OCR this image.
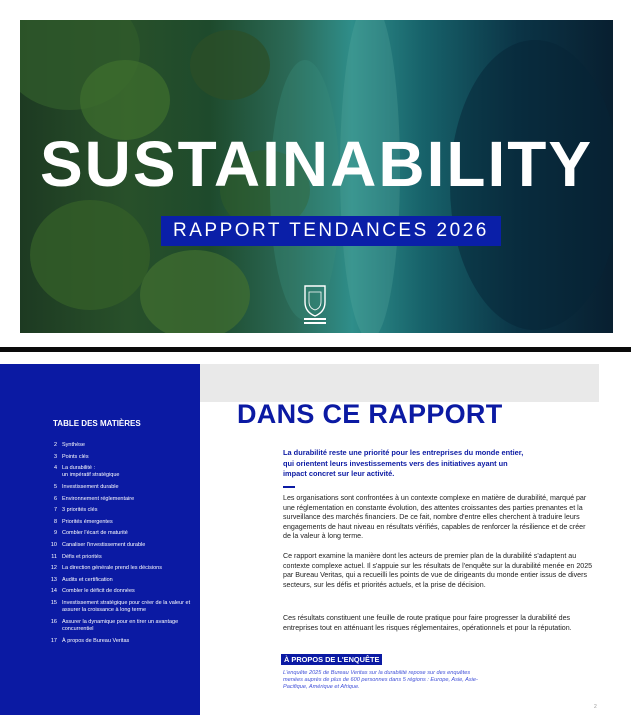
SUSTAINABILITY
RAPPORT TENDANCES 2026
TABLE DES MATIÈRES
2 Synthèse
3 Points clés
4 La durabilité :
un impératif stratégique
5 Investissement durable
6 Environnement réglementaire
7 3 priorités clés
8 Priorités émergentes
9 Combler l'écart de maturité
10 Canaliser l'investissement durable
11 Défis et priorités
12 La direction générale prend les décisions
13 Audits et certification
14 Combler le déficit de données
15 Investissement stratégique pour créer de la valeur et assurer la croissance à long terme
16 Assurer la dynamique pour en tirer un avantage concurrentiel
17 À propos de Bureau Veritas
DANS CE RAPPORT
La durabilité reste une priorité pour les entreprises du monde entier, qui orientent leurs investissements vers des initiatives ayant un impact concret sur leur activité.
Les organisations sont confrontées à un contexte complexe en matière de durabilité, marqué par une réglementation en constante évolution, des attentes croissantes des parties prenantes et la surveillance des marchés financiers. De ce fait, nombre d'entre elles cherchent à traduire leurs engagements de haut niveau en résultats vérifiés, capables de renforcer la résilience et de créer de la valeur à long terme.
Ce rapport examine la manière dont les acteurs de premier plan de la durabilité s'adaptent au contexte complexe actuel. Il s'appuie sur les résultats de l'enquête sur la durabilité menée en 2025 par Bureau Veritas, qui a recueilli les points de vue de dirigeants du monde entier issus de divers secteurs, sur les défis et priorités actuels, et la prise de décision.
Ces résultats constituent une feuille de route pratique pour faire progresser la durabilité des entreprises tout en atténuant les risques réglementaires, opérationnels et pour la réputation.
À PROPOS DE L'ENQUÊTE
L'enquête 2025 de Bureau Veritas sur la durabilité repose sur des enquêtes menées auprès de plus de 600 personnes dans 5 régions : Europe, Asie, Asie-Pacifique, Amérique et Afrique.
2
